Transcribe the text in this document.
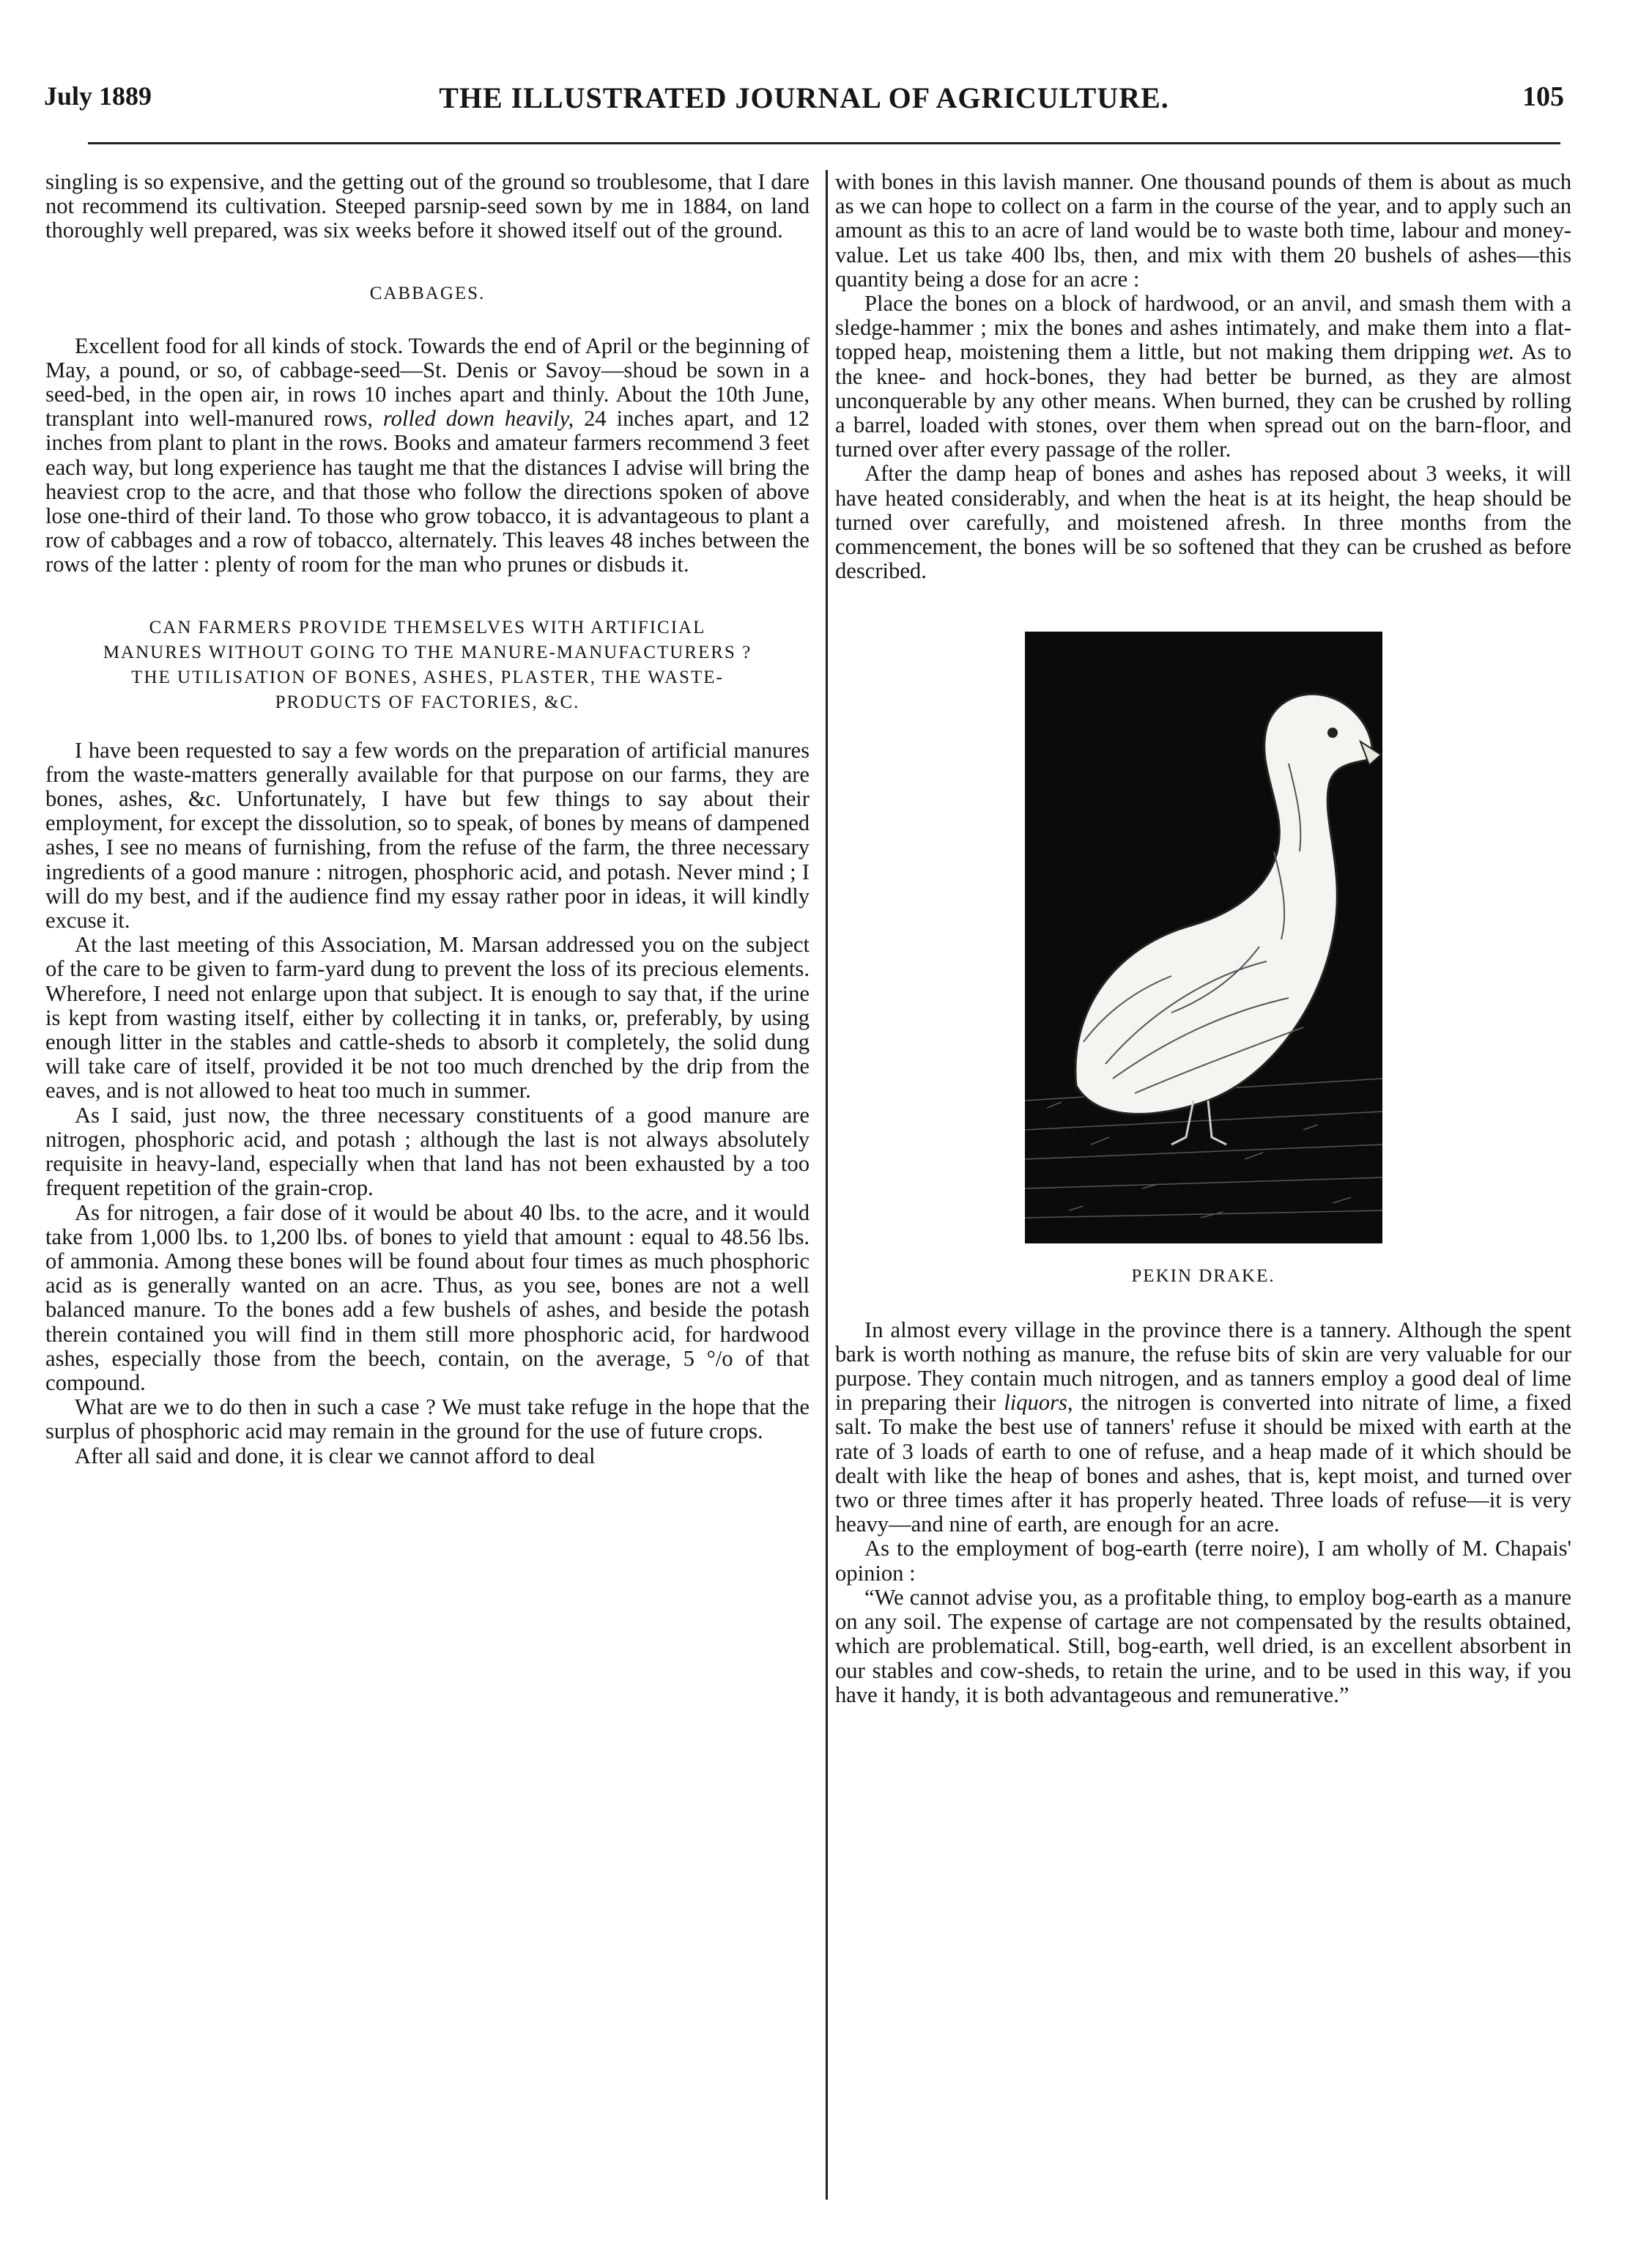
July 1889	THE ILLUSTRATED JOURNAL OF AGRICULTURE.	105

singling is so expensive, and the getting out of the ground so troublesome, that I dare not recommend its cultivation. Steeped parsnip-seed sown by me in 1884, on land thoroughly well prepared, was six weeks before it showed itself out of the ground.

CABBAGES.

Excellent food for all kinds of stock. Towards the end of April or the beginning of May, a pound, or so, of cabbage-seed—St. Denis or Savoy—shoud be sown in a seed-bed, in the open air, in rows 10 inches apart and thinly. About the 10th June, transplant into well-manured rows, rolled down heavily, 24 inches apart, and 12 inches from plant to plant in the rows. Books and amateur farmers recommend 3 feet each way, but long experience has taught me that the distances I advise will bring the heaviest crop to the acre, and that those who follow the directions spoken of above lose one-third of their land. To those who grow tobacco, it is advantageous to plant a row of cabbages and a row of tobacco, alternately. This leaves 48 inches between the rows of the latter : plenty of room for the man who prunes or disbuds it.

CAN FARMERS PROVIDE THEMSELVES WITH ARTIFICIAL MANURES WITHOUT GOING TO THE MANURE-MANUFACTURERS ? THE UTILISATION OF BONES, ASHES, PLASTER, THE WASTE-PRODUCTS OF FACTORIES, &C.

I have been requested to say a few words on the preparation of artificial manures from the waste-matters generally available for that purpose on our farms, they are bones, ashes, &c. Unfortunately, I have but few things to say about their employment, for except the dissolution, so to speak, of bones by means of dampened ashes, I see no means of furnishing, from the refuse of the farm, the three necessary ingredients of a good manure : nitrogen, phosphoric acid, and potash. Never mind ; I will do my best, and if the audience find my essay rather poor in ideas, it will kindly excuse it.

At the last meeting of this Association, M. Marsan addressed you on the subject of the care to be given to farm-yard dung to prevent the loss of its precious elements. Wherefore, I need not enlarge upon that subject. It is enough to say that, if the urine is kept from wasting itself, either by collecting it in tanks, or, preferably, by using enough litter in the stables and cattle-sheds to absorb it completely, the solid dung will take care of itself, provided it be not too much drenched by the drip from the eaves, and is not allowed to heat too much in summer.

As I said, just now, the three necessary constituents of a good manure are nitrogen, phosphoric acid, and potash ; although the last is not always absolutely requisite in heavy-land, especially when that land has not been exhausted by a too frequent repetition of the grain-crop.

As for nitrogen, a fair dose of it would be about 40 lbs. to the acre, and it would take from 1,000 lbs. to 1,200 lbs. of bones to yield that amount : equal to 48.56 lbs. of ammonia. Among these bones will be found about four times as much phosphoric acid as is generally wanted on an acre. Thus, as you see, bones are not a well balanced manure. To the bones add a few bushels of ashes, and beside the potash therein contained you will find in them still more phosphoric acid, for hardwood ashes, especially those from the beech, contain, on the average, 5 °/o of that compound.

What are we to do then in such a case ? We must take refuge in the hope that the surplus of phosphoric acid may remain in the ground for the use of future crops.

After all said and done, it is clear we cannot afford to deal

with bones in this lavish manner. One thousand pounds of them is about as much as we can hope to collect on a farm in the course of the year, and to apply such an amount as this to an acre of land would be to waste both time, labour and money-value. Let us take 400 lbs, then, and mix with them 20 bushels of ashes—this quantity being a dose for an acre :

Place the bones on a block of hardwood, or an anvil, and smash them with a sledge-hammer ; mix the bones and ashes intimately, and make them into a flat-topped heap, moistening them a little, but not making them dripping wet. As to the knee- and hock-bones, they had better be burned, as they are almost unconquerable by any other means. When burned, they can be crushed by rolling a barrel, loaded with stones, over them when spread out on the barn-floor, and turned over after every passage of the roller.

After the damp heap of bones and ashes has reposed about 3 weeks, it will have heated considerably, and when the heat is at its height, the heap should be turned over carefully, and moistened afresh. In three months from the commencement, the bones will be so softened that they can be crushed as before described.

PEKIN DRAKE.

In almost every village in the province there is a tannery. Although the spent bark is worth nothing as manure, the refuse bits of skin are very valuable for our purpose. They contain much nitrogen, and as tanners employ a good deal of lime in preparing their liquors, the nitrogen is converted into nitrate of lime, a fixed salt. To make the best use of tanners' refuse it should be mixed with earth at the rate of 3 loads of earth to one of refuse, and a heap made of it which should be dealt with like the heap of bones and ashes, that is, kept moist, and turned over two or three times after it has properly heated. Three loads of refuse—it is very heavy—and nine of earth, are enough for an acre.

As to the employment of bog-earth (terre noire), I am wholly of M. Chapais' opinion :

“We cannot advise you, as a profitable thing, to employ bog-earth as a manure on any soil. The expense of cartage are not compensated by the results obtained, which are problematical. Still, bog-earth, well dried, is an excellent absorbent in our stables and cow-sheds, to retain the urine, and to be used in this way, if you have it handy, it is both advantageous and remunerative.”
